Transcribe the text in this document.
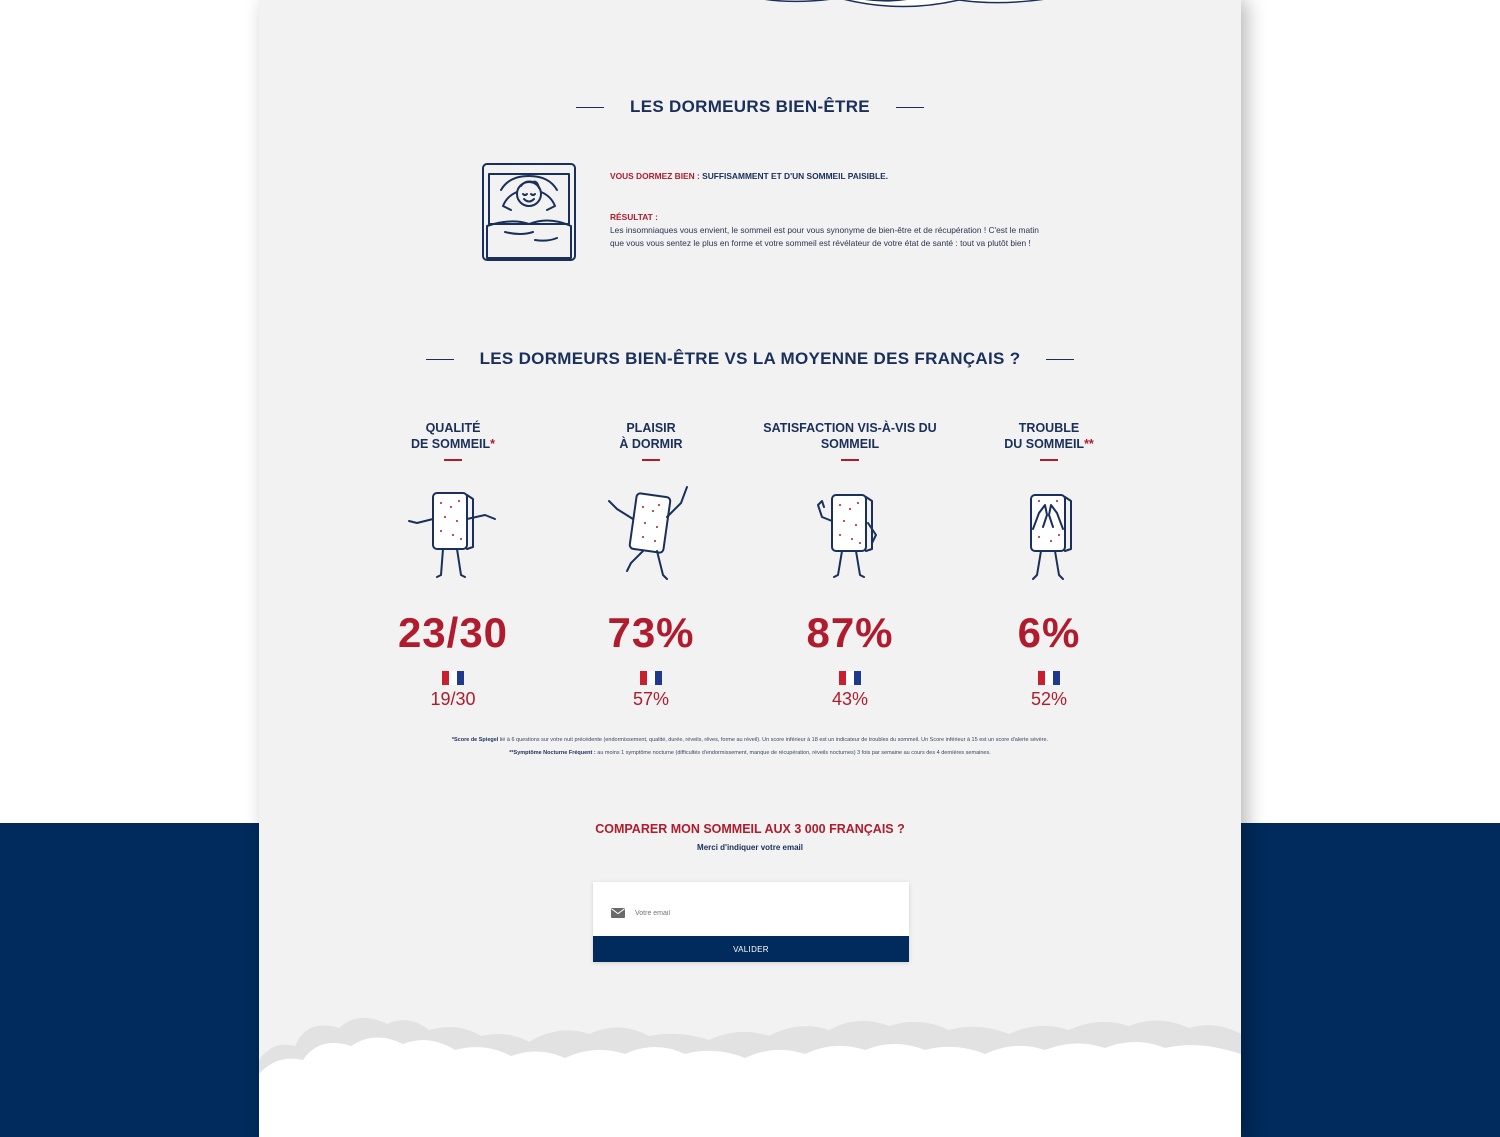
LES DORMEURS BIEN-ÊTRE

VOUS DORMEZ BIEN : SUFFISAMMENT ET D'UN SOMMEIL PAISIBLE.

RÉSULTAT :

Les insomniaques vous envient, le sommeil est pour vous synonyme de bien-être et de récupération ! C'est le matin

que vous vous sentez le plus en forme et votre sommeil est révélateur de votre état de santé : tout va plutôt bien !

LES DORMEURS BIEN-ÊTRE VS LA MOYENNE DES FRANÇAIS ?
QUALITÉ
DE SOMMEIL*
23/30
19/30
PLAISIR
À DORMIR
73%
57%
SATISFACTION VIS-À-VIS DU
SOMMEIL
87%
43%
TROUBLE
DU SOMMEIL**
6%
52%
*Score de Spiegel lié à 6 questions sur votre nuit précédente (endormissement, qualité, durée, réveils, rêves, forme au réveil). Un score inférieur à 18 est un indicateur de troubles du sommeil. Un Score inférieur à 15 est un score d'alerte sévère.
**Symptôme Nocturne Fréquent : au moins 1 symptôme nocturne (difficultés d'endormissement, manque de récupération, réveils nocturnes) 3 fois par semaine au cours des 4 dernières semaines.
COMPARER MON SOMMEIL AUX 3 000 FRANÇAIS ?
Merci d'indiquer votre email
Votre email
VALIDER
